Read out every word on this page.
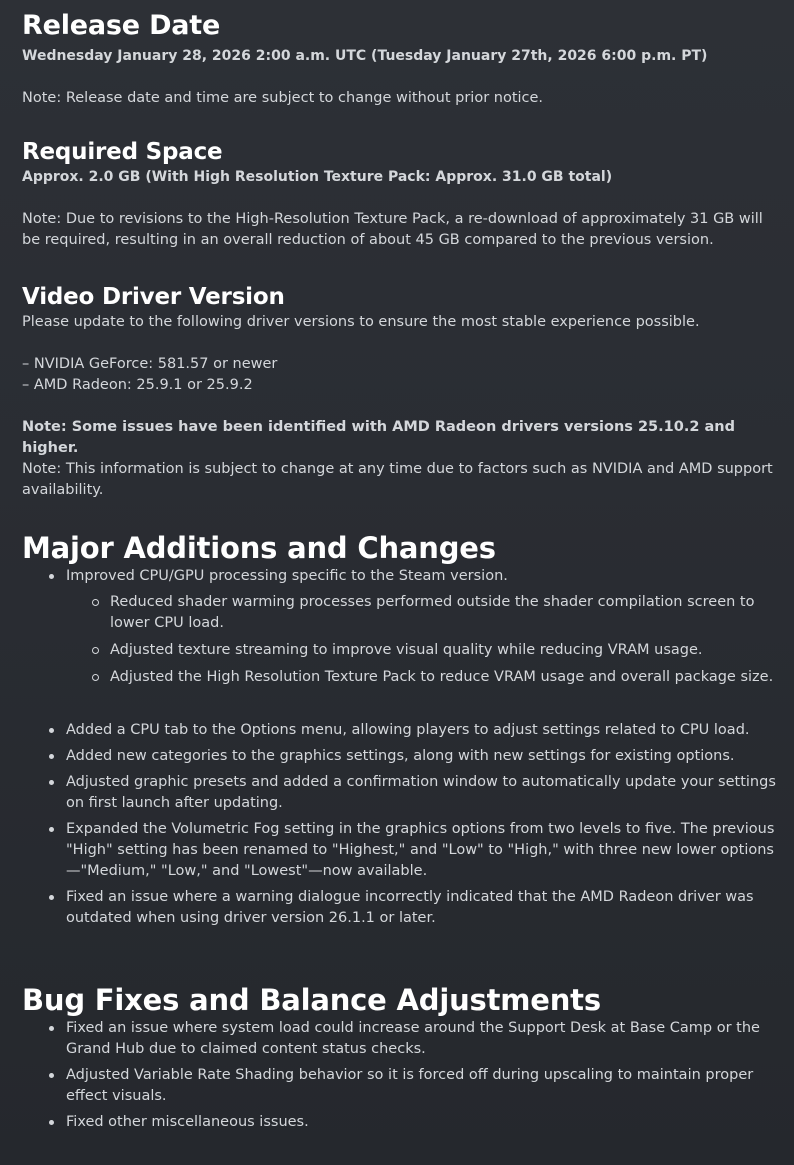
Release Date

Wednesday January 28, 2026 2:00 a.m. UTC (Tuesday January 27th, 2026 6:00 p.m. PT)

Note: Release date and time are subject to change without prior notice.

Required Space

Approx. 2.0 GB (With High Resolution Texture Pack: Approx. 31.0 GB total)

Note: Due to revisions to the High-Resolution Texture Pack, a re-download of approximately 31 GB will be required, resulting in an overall reduction of about 45 GB compared to the previous version.

Video Driver Version

Please update to the following driver versions to ensure the most stable experience possible.

– NVIDIA GeForce: 581.57 or newer

– AMD Radeon: 25.9.1 or 25.9.2

Note: Some issues have been identified with AMD Radeon drivers versions 25.10.2 and higher.

Note: This information is subject to change at any time due to factors such as NVIDIA and AMD support availability.

Major Additions and Changes
Improved CPU/GPU processing specific to the Steam version.
Reduced shader warming processes performed outside the shader compilation screen to lower CPU load.
Adjusted texture streaming to improve visual quality while reducing VRAM usage.
Adjusted the High Resolution Texture Pack to reduce VRAM usage and overall package size.
Added a CPU tab to the Options menu, allowing players to adjust settings related to CPU load.
Added new categories to the graphics settings, along with new settings for existing options.
Adjusted graphic presets and added a confirmation window to automatically update your settings on first launch after updating.
Expanded the Volumetric Fog setting in the graphics options from two levels to five. The previous "High" setting has been renamed to "Highest," and "Low" to "High," with three new lower options—"Medium," "Low," and "Lowest"—now available.
Fixed an issue where a warning dialogue incorrectly indicated that the AMD Radeon driver was outdated when using driver version 26.1.1 or later.
Bug Fixes and Balance Adjustments
Fixed an issue where system load could increase around the Support Desk at Base Camp or the Grand Hub due to claimed content status checks.
Adjusted Variable Rate Shading behavior so it is forced off during upscaling to maintain proper effect visuals.
Fixed other miscellaneous issues.
